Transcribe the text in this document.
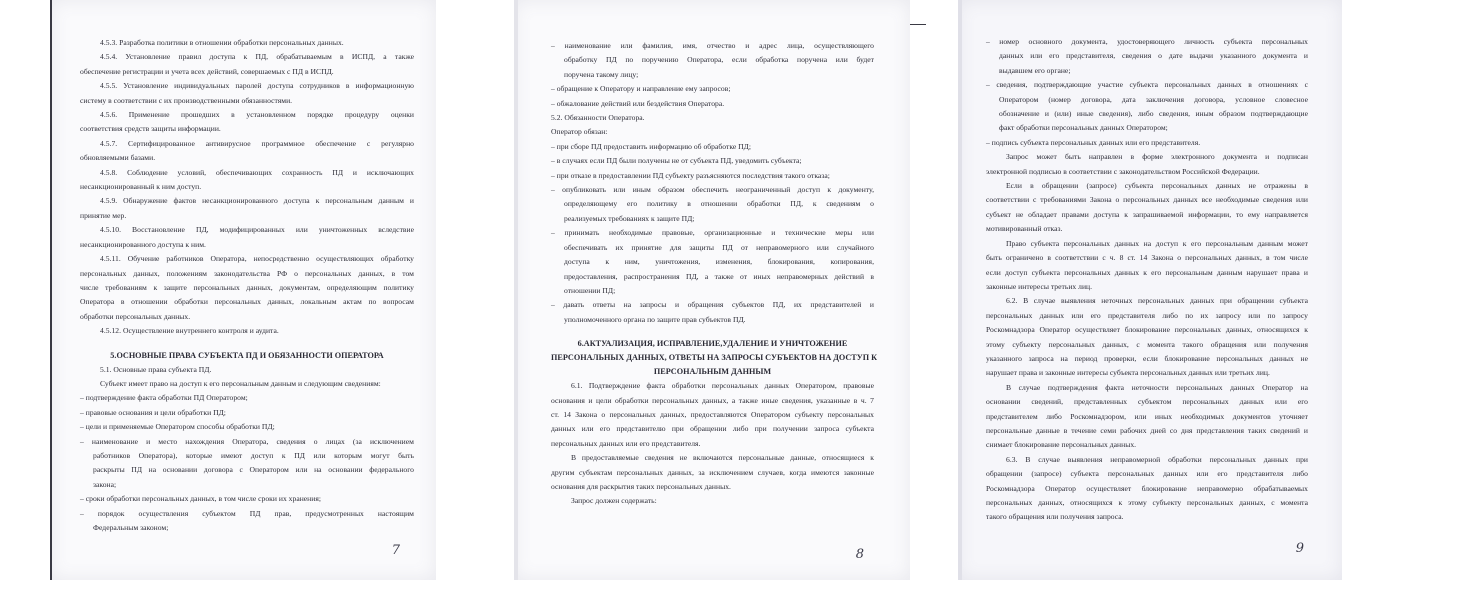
4.5.3. Разработка политики в отношении обработки персональных данных.
4.5.4. Установление правил доступа к ПД, обрабатываемым в ИСПД, а также
обеспечение регистрации и учета всех действий, совершаемых с ПД в ИСПД.
4.5.5. Установление индивидуальных паролей доступа сотрудников в информационную
систему в соответствии с их производственными обязанностями.
4.5.6. Применение прошедших в установленном порядке процедуру оценки
соответствия средств защиты информации.
4.5.7. Сертифицированное антивирусное программное обеспечение с регулярно
обновляемыми базами.
4.5.8. Соблюдение условий, обеспечивающих сохранность ПД и исключающих
несанкционированный к ним доступ.
4.5.9. Обнаружение фактов несанкционированного доступа к персональным данным и
принятие мер.
4.5.10. Восстановление ПД, модифицированных или уничтоженных вследствие
несанкционированного доступа к ним.
4.5.11. Обучение работников Оператора, непосредственно осуществляющих обработку
персональных данных, положениям законодательства РФ о персональных данных, в том
числе требованиям к защите персональных данных, документам, определяющим политику
Оператора в отношении обработки персональных данных, локальным актам по вопросам
обработки персональных данных.
4.5.12. Осуществление внутреннего контроля и аудита.
5.ОСНОВНЫЕ ПРАВА СУБЪЕКТА ПД И ОБЯЗАННОСТИ ОПЕРАТОРА
5.1. Основные права субъекта ПД.
Субъект имеет право на доступ к его персональным данным и следующим сведениям:
– подтверждение факта обработки ПД Оператором;
– правовые основания и цели обработки ПД;
– цели и применяемые Оператором способы обработки ПД;
– наименование и место нахождения Оператора, сведения о лицах (за исключением
работников Оператора), которые имеют доступ к ПД или которым могут быть
раскрыты ПД на основании договора с Оператором или на основании федерального
закона;
– сроки обработки персональных данных, в том числе сроки их хранения;
– порядок осуществления субъектом ПД прав, предусмотренных настоящим
Федеральным законом;
7
– наименование или фамилия, имя, отчество и адрес лица, осуществляющего
обработку ПД по поручению Оператора, если обработка поручена или будет
поручена такому лицу;
– обращение к Оператору и направление ему запросов;
– обжалование действий или бездействия Оператора.
5.2. Обязанности Оператора.
Оператор обязан:
– при сборе ПД предоставить информацию об обработке ПД;
– в случаях если ПД были получены не от субъекта ПД, уведомить субъекта;
– при отказе в предоставлении ПД субъекту разъясняются последствия такого отказа;
– опубликовать или иным образом обеспечить неограниченный доступ к документу,
определяющему его политику в отношении обработки ПД, к сведениям о
реализуемых требованиях к защите ПД;
– принимать необходимые правовые, организационные и технические меры или
обеспечивать их принятие для защиты ПД от неправомерного или случайного
доступа к ним, уничтожения, изменения, блокирования, копирования,
предоставления, распространения ПД, а также от иных неправомерных действий в
отношении ПД;
– давать ответы на запросы и обращения субъектов ПД, их представителей и
уполномоченного органа по защите прав субъектов ПД.
6.АКТУАЛИЗАЦИЯ, ИСПРАВЛЕНИЕ,УДАЛЕНИЕ И УНИЧТОЖЕНИЕ
ПЕРСОНАЛЬНЫХ ДАННЫХ, ОТВЕТЫ НА ЗАПРОСЫ СУБЪЕКТОВ НА ДОСТУП К
ПЕРСОНАЛЬНЫМ ДАННЫМ
6.1. Подтверждение факта обработки персональных данных Оператором, правовые
основания и цели обработки персональных данных, а также иные сведения, указанные в ч. 7
ст. 14 Закона о персональных данных, предоставляются Оператором субъекту персональных
данных или его представителю при обращении либо при получении запроса субъекта
персональных данных или его представителя.
В предоставляемые сведения не включаются персональные данные, относящиеся к
другим субъектам персональных данных, за исключением случаев, когда имеются законные
основания для раскрытия таких персональных данных.
Запрос должен содержать:
8
– номер основного документа, удостоверяющего личность субъекта персональных
данных или его представителя, сведения о дате выдачи указанного документа и
выдавшем его органе;
– сведения, подтверждающие участие субъекта персональных данных в отношениях с
Оператором (номер договора, дата заключения договора, условное словесное
обозначение и (или) иные сведения), либо сведения, иным образом подтверждающие
факт обработки персональных данных Оператором;
– подпись субъекта персональных данных или его представителя.
Запрос может быть направлен в форме электронного документа и подписан
электронной подписью в соответствии с законодательством Российской Федерации.
Если в обращении (запросе) субъекта персональных данных не отражены в
соответствии с требованиями Закона о персональных данных все необходимые сведения или
субъект не обладает правами доступа к запрашиваемой информации, то ему направляется
мотивированный отказ.
Право субъекта персональных данных на доступ к его персональным данным может
быть ограничено в соответствии с ч. 8 ст. 14 Закона о персональных данных, в том числе
если доступ субъекта персональных данных к его персональным данным нарушает права и
законные интересы третьих лиц.
6.2. В случае выявления неточных персональных данных при обращении субъекта
персональных данных или его представителя либо по их запросу или по запросу
Роскомнадзора Оператор осуществляет блокирование персональных данных, относящихся к
этому субъекту персональных данных, с момента такого обращения или получения
указанного запроса на период проверки, если блокирование персональных данных не
нарушает права и законные интересы субъекта персональных данных или третьих лиц.
В случае подтверждения факта неточности персональных данных Оператор на
основании сведений, представленных субъектом персональных данных или его
представителем либо Роскомнадзором, или иных необходимых документов уточняет
персональные данные в течение семи рабочих дней со дня представления таких сведений и
снимает блокирование персональных данных.
6.3. В случае выявления неправомерной обработки персональных данных при
обращении (запросе) субъекта персональных данных или его представителя либо
Роскомнадзора Оператор осуществляет блокирование неправомерно обрабатываемых
персональных данных, относящихся к этому субъекту персональных данных, с момента
такого обращения или получения запроса.
9
